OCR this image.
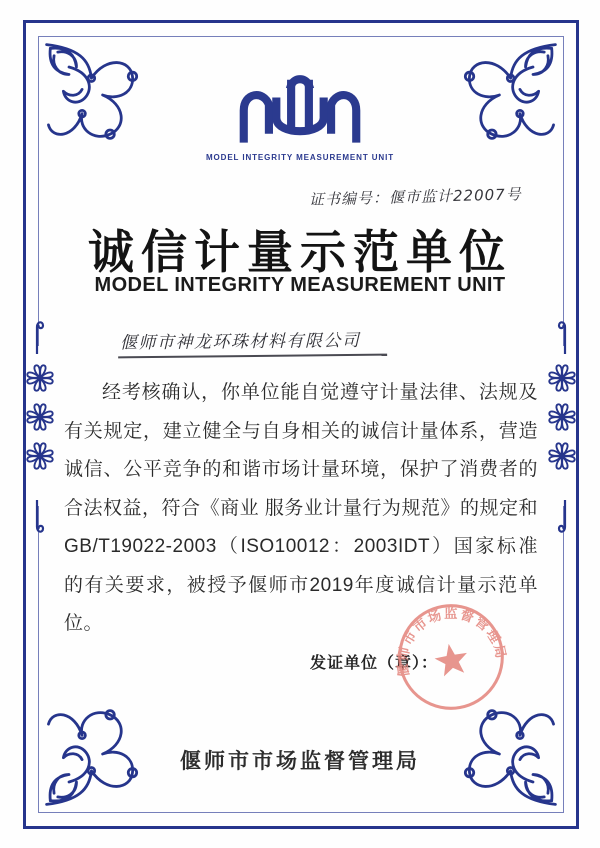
MODEL INTEGRITY MEASUREMENT UNIT
证书编号：偃市监计22007号
诚信计量示范单位
MODEL INTEGRITY MEASUREMENT UNIT
偃师市神龙环珠材料有限公司
经考核确认，你单位能自觉遵守计量法律、法规及有关规定，建立健全与自身相关的诚信计量体系，营造诚信、公平竞争的和谐市场计量环境，保护了消费者的合法权益，符合《商业 服务业计量行为规范》的规定和GB/T19022-2003（ISO10012：2003IDT）国家标准的有关要求，被授予偃师市2019年度诚信计量示范单位。
发证单位（章）：
偃师市市场监督管理局
